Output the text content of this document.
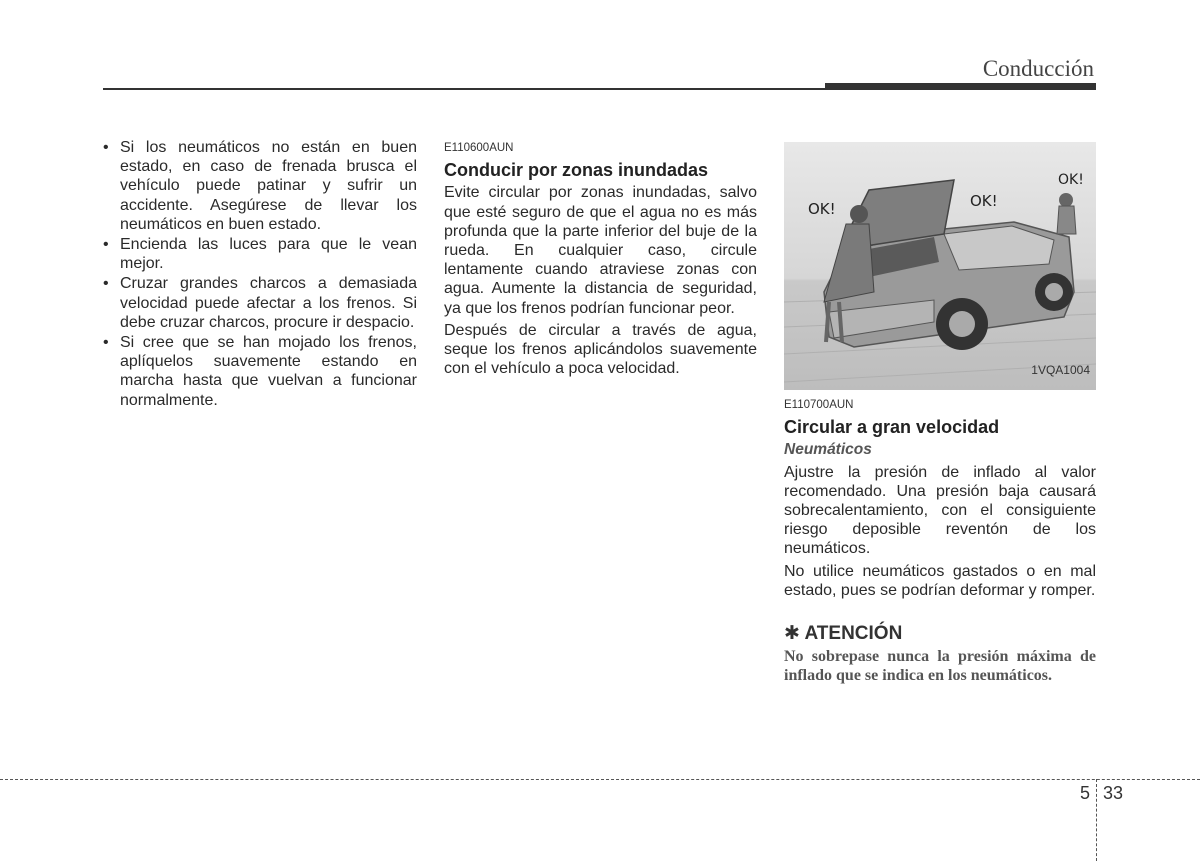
Conducción
• Si los neumáticos no están en buen estado, en caso de frenada brusca el vehículo puede patinar y sufrir un accidente. Asegúrese de llevar los neumáticos en buen estado.
• Encienda las luces para que le vean mejor.
• Cruzar grandes charcos a demasiada velocidad puede afectar a los frenos. Si debe cruzar charcos, procure ir despacio.
• Si cree que se han mojado los frenos, aplíquelos suavemente estando en marcha hasta que vuelvan a funcionar normalmente.
E110600AUN
Conducir por zonas inundadas

Evite circular por zonas inundadas, salvo que esté seguro de que el agua no es más profunda que la parte inferior del buje de la rueda. En cualquier caso, circule lentamente cuando atraviese zonas con agua. Aumente la distancia de seguridad, ya que los frenos podrían funcionar peor.

Después de circular a través de agua, seque los frenos aplicándolos suavemente con el vehículo a poca velocidad.

OK!	OK!
OK!
1VQA1004
E110700AUN
Circular a gran velocidad
Neumáticos

Ajustre la presión de inflado al valor recomendado. Una presión baja causará sobrecalentamiento, con el consiguiente riesgo deposible reventón de los neumáticos.

No utilice neumáticos gastados o en mal estado, pues se podrían deformar y romper.

✱ ATENCIÓN

No sobrepase nunca la presión máxima de inflado que se indica en los neumáticos.

5 33
